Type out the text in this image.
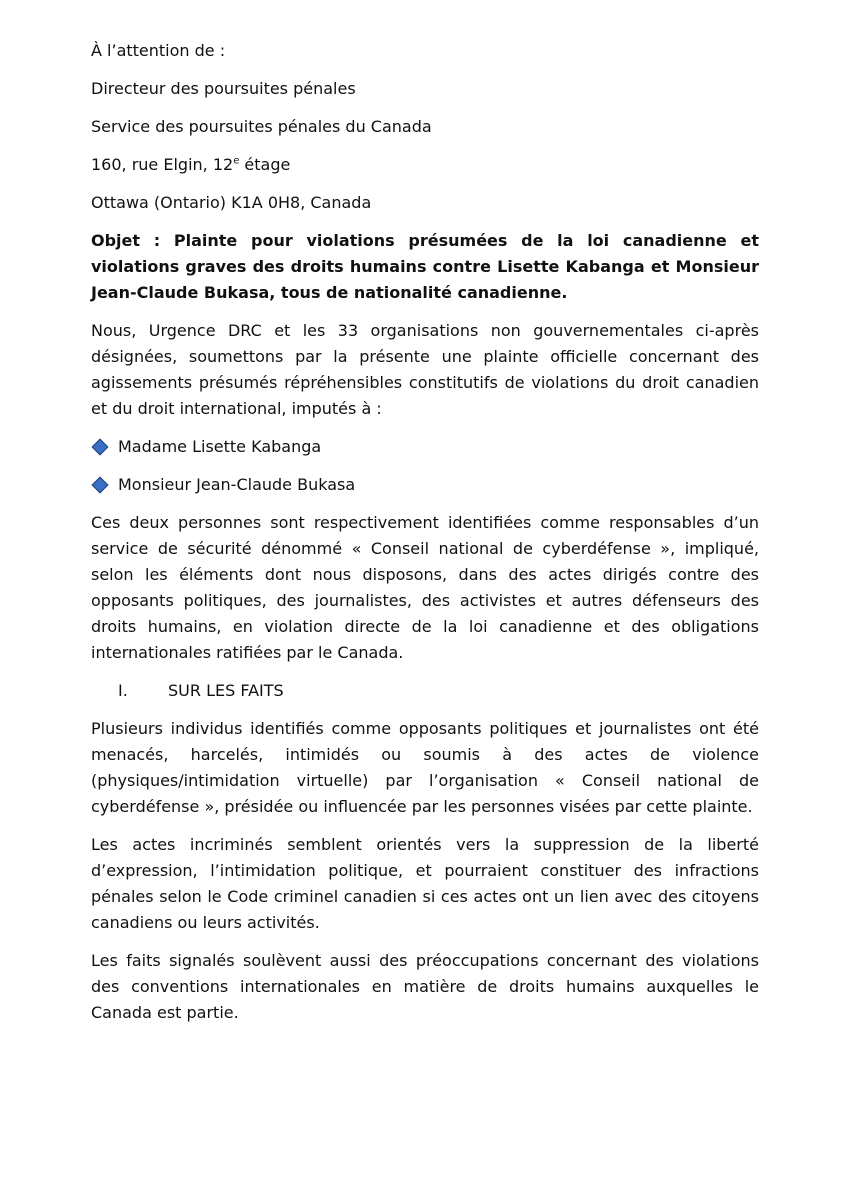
À l’attention de :

Directeur des poursuites pénales

Service des poursuites pénales du Canada

160, rue Elgin, 12e étage

Ottawa (Ontario) K1A 0H8, Canada

Objet : Plainte pour violations présumées de la loi canadienne et violations graves des droits humains contre Lisette Kabanga et Monsieur Jean-Claude Bukasa, tous de nationalité canadienne.

Nous, Urgence DRC et les 33 organisations non gouvernementales ci-après désignées, soumettons par la présente une plainte officielle concernant des agissements présumés répréhensibles constitutifs de violations du droit canadien et du droit international, imputés à :

Madame Lisette Kabanga
Monsieur Jean-Claude Bukasa

Ces deux personnes sont respectivement identifiées comme responsables d’un service de sécurité dénommé « Conseil national de cyberdéfense », impliqué, selon les éléments dont nous disposons, dans des actes dirigés contre des opposants politiques, des journalistes, des activistes et autres défenseurs des droits humains, en violation directe de la loi canadienne et des obligations internationales ratifiées par le Canada.

I.	SUR LES FAITS

Plusieurs individus identifiés comme opposants politiques et journalistes ont été menacés, harcelés, intimidés ou soumis à des actes de violence (physiques/intimidation virtuelle) par l’organisation « Conseil national de cyberdéfense », présidée ou influencée par les personnes visées par cette plainte.

Les actes incriminés semblent orientés vers la suppression de la liberté d’expression, l’intimidation politique, et pourraient constituer des infractions pénales selon le Code criminel canadien si ces actes ont un lien avec des citoyens canadiens ou leurs activités.

Les faits signalés soulèvent aussi des préoccupations concernant des violations des conventions internationales en matière de droits humains auxquelles le Canada est partie.
